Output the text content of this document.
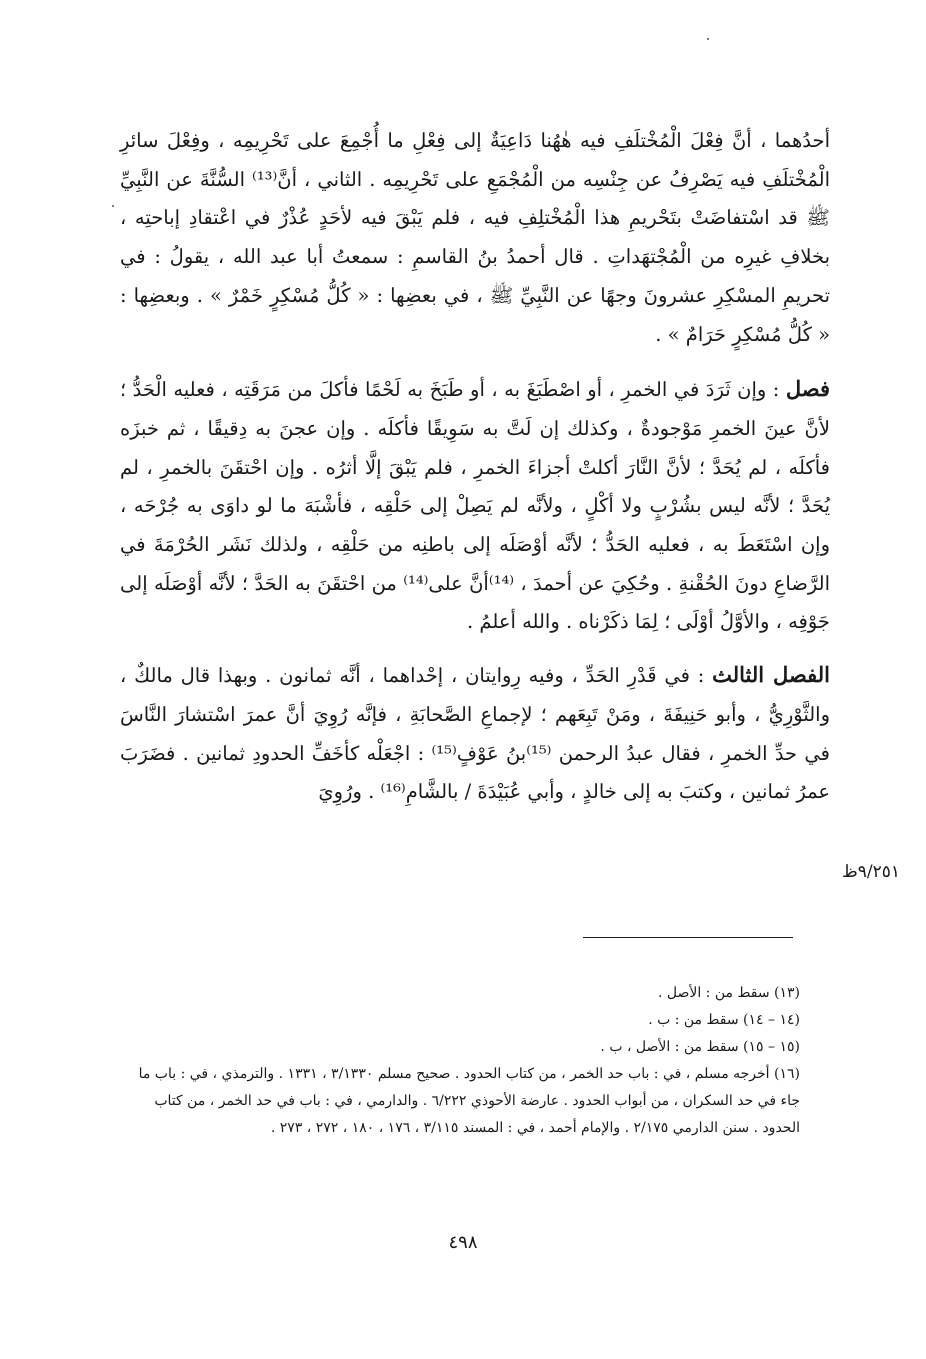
أحدُهما ، أنَّ فِعْلَ الْمُخْتلَفِ فيه هٰهُنا دَاعِيَةٌ إلى فِعْلِ ما أُجْمِعَ على تَحْرِيمِه ، وفِعْلَ سائرِ الْمُخْتلَفِ فيه يَصْرِفُ عن جِنْسِه من الْمُجْمَعِ على تَحْرِيمِه . الثاني ، أنَّ⁽¹³⁾ السُّنَّةَ عن النَّبِيِّ ﷺ قد اسْتفاضَتْ بتَحْريمِ هذا الْمُخْتلِفِ فيه ، فلم يَبْقَ فيه لأحَدٍ عُذْرٌ في اعْتقادِ إباحتِه ، بخلافِ غيرِه من الْمُجْتهَداتِ . قال أحمدُ بنُ القاسمِ : سمعتُ أبا عبد الله ، يقولُ : في تحريمِ المسْكِرِ عشرونَ وجهًا عن النَّبِيِّ ﷺ ، في بعضِها : « كُلُّ مُسْكِرٍ خَمْرٌ » . وبعضِها : « كُلُّ مُسْكِرٍ حَرَامٌ » .

فصل : وإن ثَرَدَ في الخمرِ ، أو اصْطَبَغَ به ، أو طَبَخَ به لَحْمًا فأكلَ من مَرَقَتِه ، فعليه الْحَدُّ ؛ لأنَّ عينَ الخمرِ مَوْجودةٌ ، وكذلك إن لَتَّ به سَوِيقًا فأكلَه . وإن عجنَ به دِقيقًا ، ثم خبزَه فأكلَه ، لم يُحَدَّ ؛ لأنَّ النَّارَ أكلتْ أجزاءَ الخمرِ ، فلم يَبْقَ إلَّا أثرُه . وإن احْتقَنَ بالخمرِ ، لم يُحَدَّ ؛ لأنَّه ليس بشُرْبٍ ولا أكْلٍ ، ولأنَّه لم يَصِلْ إلى حَلْقِه ، فأشْبَهَ ما لو داوَى به جُرْحَه ، وإن اسْتَعَطَ به ، فعليه الحَدُّ ؛ لأنَّه أوْصَلَه إلى باطنِه من حَلْقِه ، ولذلك نَشَر الحُرْمَةَ في الرَّضاعِ دونَ الحُقْنةِ . وحُكِيَ عن أحمدَ ، ⁽¹⁴⁾أنَّ على⁽¹⁴⁾ من احْتقَنَ به الحَدَّ ؛ لأنَّه أوْصَلَه إلى جَوْفِه ، والأوَّلُ أوْلَى ؛ لِمَا ذكَرْناه . والله أعلمُ .

الفصل الثالث : في قَدْرِ الحَدِّ ، وفيه رِوايتان ، إحْداهما ، أنَّه ثمانون . وبهذا قال مالكٌ ، والثَّوْرِيُّ ، وأبو حَنِيفَةَ ، ومَنْ تَبِعَهم ؛ لإجماعِ الصَّحابَةِ ، فإنَّه رُوِيَ أنَّ عمرَ اسْتشارَ النَّاسَ في حدِّ الخمرِ ، فقال عبدُ الرحمن ⁽¹⁵⁾بنُ عَوْفٍ⁽¹⁵⁾ : اجْعَلْه كأخَفِّ الحدودِ ثمانين . فضَرَبَ عمرُ ثمانين ، وكتبَ به إلى خالدٍ ، وأبي عُبَيْدَةَ / بالشَّامِ⁽¹⁶⁾ . ورُوِيَ

٩/٢٥١ظ

(١٣) سقط من : الأصل .

(١٤ – ١٤) سقط من : ب .

(١٥ – ١٥) سقط من : الأصل ، ب .

(١٦) أخرجه مسلم ، في : باب حد الخمر ، من كتاب الحدود . صحيح مسلم ٣/١٣٣٠ ، ١٣٣١ . والترمذي ، في : باب ما جاء في حد السكران ، من أبواب الحدود . عارضة الأحوذي ٦/٢٢٢ . والدارمي ، في : باب في حد الخمر ، من كتاب الحدود . سنن الدارمي ٢/١٧٥ . والإمام أحمد ، في : المسند ٣/١١٥ ، ١٧٦ ، ١٨٠ ، ٢٧٢ ، ٢٧٣ .

٤٩٨
